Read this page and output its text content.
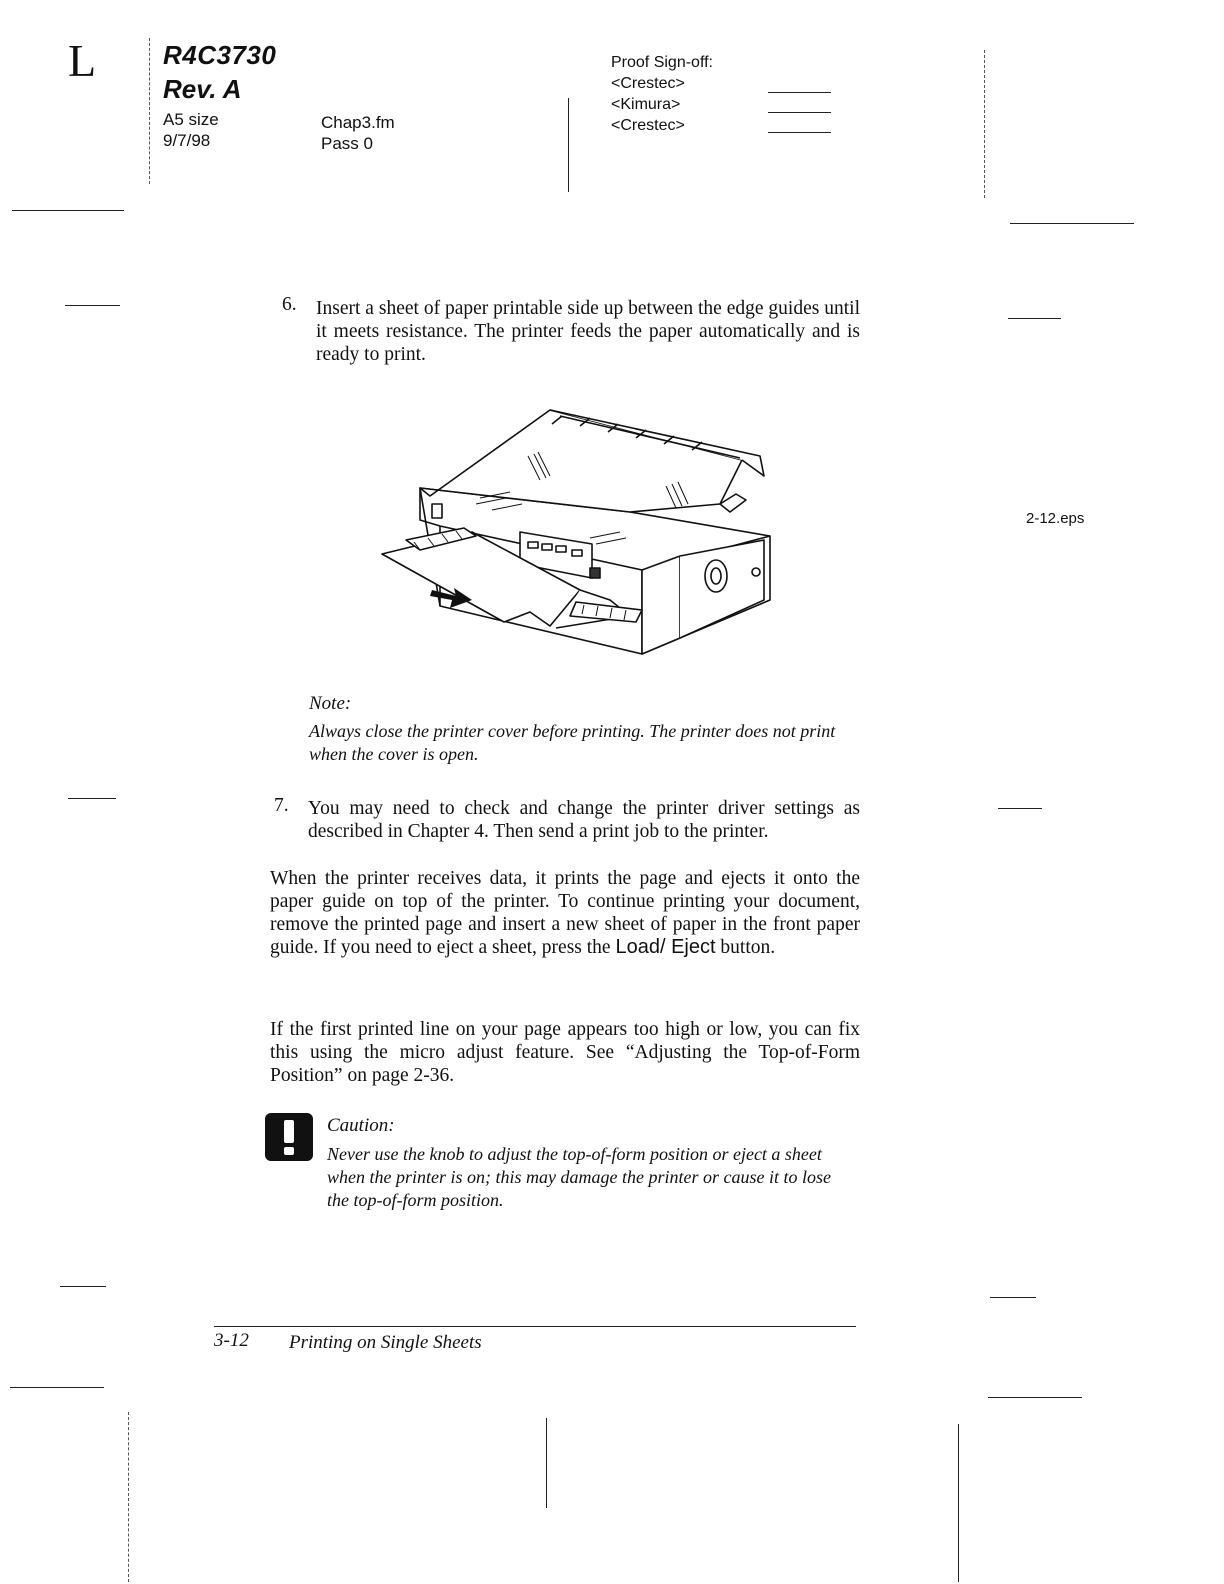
L	R4C3730
Rev. A
A5 size
9/7/98
Chap3.fm
Pass 0
Proof Sign-off:
<Crestec>
<Kimura>
<Crestec>
6. Insert a sheet of paper printable side up between the edge guides until it meets resistance. The printer feeds the paper automatically and is ready to print.
2-12.eps
Note:
Always close the printer cover before printing. The printer does not print when the cover is open.
7. You may need to check and change the printer driver settings as described in Chapter 4. Then send a print job to the printer.
When the printer receives data, it prints the page and ejects it onto the paper guide on top of the printer. To continue printing your document, remove the printed page and insert a new sheet of paper in the front paper guide. If you need to eject a sheet, press the Load/ Eject button.
If the first printed line on your page appears too high or low, you can fix this using the micro adjust feature. See “Adjusting the Top-of-Form Position” on page 2-36.
Caution:
Never use the knob to adjust the top-of-form position or eject a sheet when the printer is on; this may damage the printer or cause it to lose the top-of-form position.
3-12 Printing on Single Sheets
